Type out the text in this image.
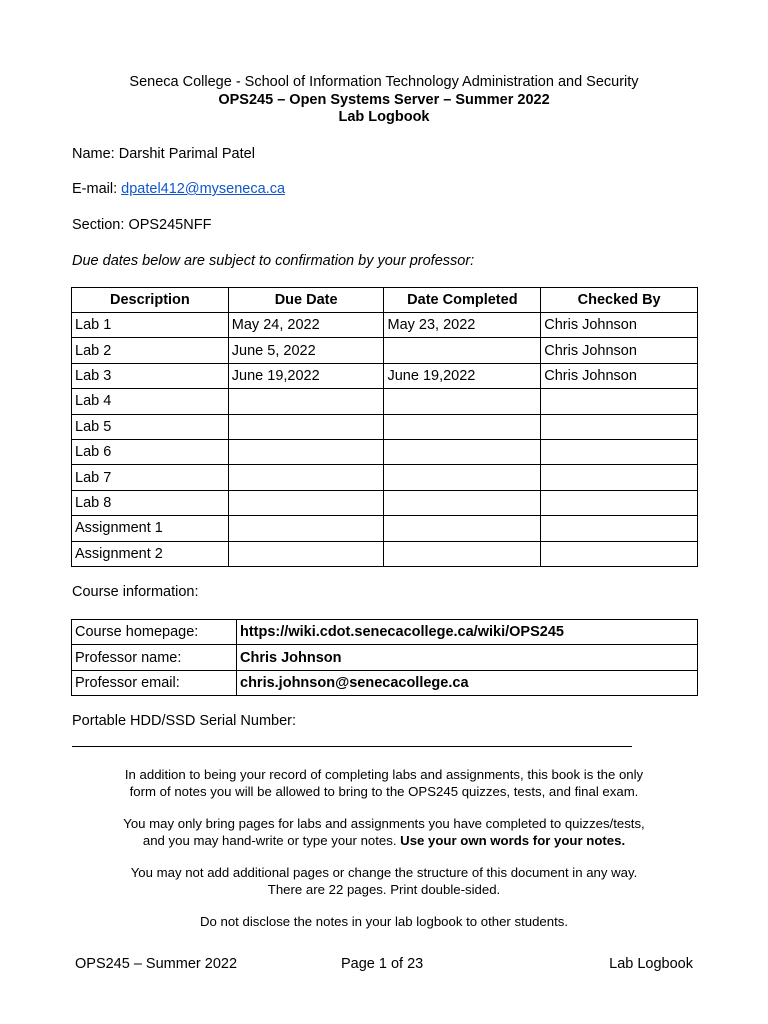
Seneca College - School of Information Technology Administration and Security
OPS245 – Open Systems Server – Summer 2022
Lab Logbook
Name: Darshit Parimal Patel
E-mail: dpatel412@myseneca.ca
Section: OPS245NFF
Due dates below are subject to confirmation by your professor:
Description	Due Date	Date Completed	Checked By
Lab 1	May 24, 2022	May 23, 2022	Chris Johnson
Lab 2	June 5, 2022		Chris Johnson
Lab 3	June 19,2022	June 19,2022	Chris Johnson
Lab 4			
Lab 5			
Lab 6			
Lab 7			
Lab 8			
Assignment 1			
Assignment 2			
Course information:
Course homepage:	https://wiki.cdot.senecacollege.ca/wiki/OPS245
Professor name:	Chris Johnson
Professor email:	chris.johnson@senecacollege.ca
Portable HDD/SSD Serial Number:
In addition to being your record of completing labs and assignments, this book is the only
form of notes you will be allowed to bring to the OPS245 quizzes, tests, and final exam.
You may only bring pages for labs and assignments you have completed to quizzes/tests,
and you may hand-write or type your notes. Use your own words for your notes.
You may not add additional pages or change the structure of this document in any way.
There are 22 pages. Print double-sided.
Do not disclose the notes in your lab logbook to other students.
OPS245 – Summer 2022	Page 1 of 23	Lab Logbook
